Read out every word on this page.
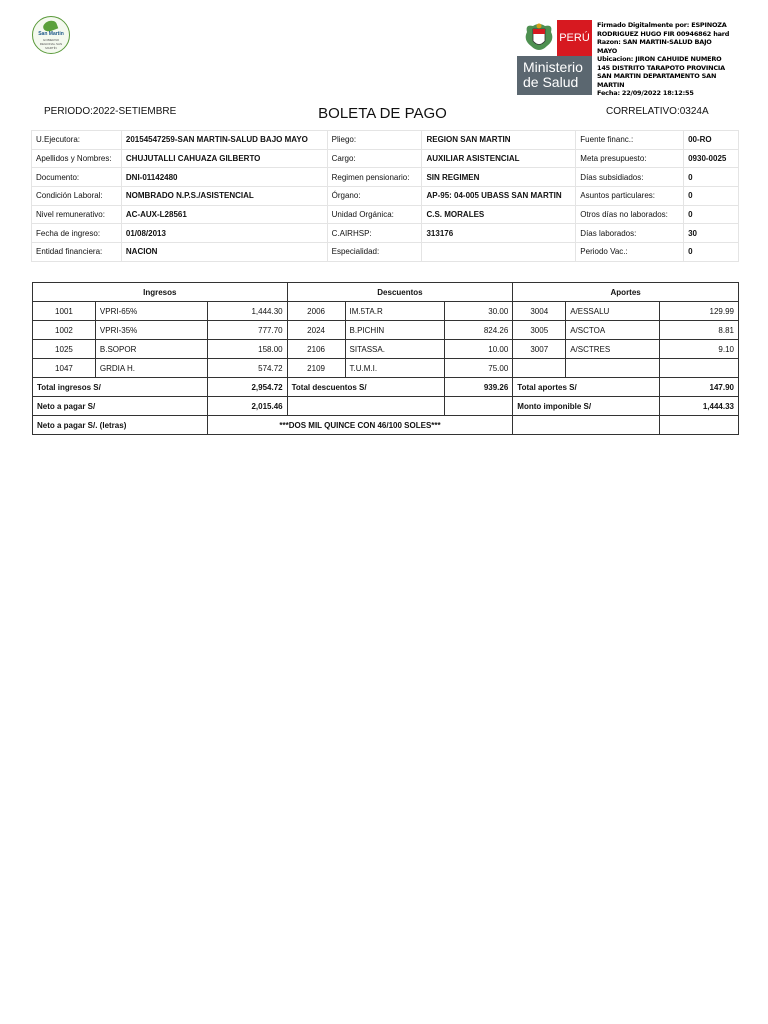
San Martin
GOBIERNO REGIONAL SAN MARTÍN
PERÚ
Ministerio
de Salud
Firmado Digitalmente por: ESPINOZA
RODRIGUEZ HUGO FIR 00946862 hard
Razon: SAN MARTIN-SALUD BAJO
MAYO
Ubicacion: JIRON CAHUIDE NUMERO
145 DISTRITO TARAPOTO PROVINCIA
SAN MARTIN DEPARTAMENTO SAN
MARTIN
Fecha: 22/09/2022 18:12:55
PERIODO:2022-SETIEMBRE	BOLETA DE PAGO	CORRELATIVO:0324A
U.Ejecutora:	20154547259-SAN MARTIN-SALUD BAJO MAYO	Pliego:	REGION SAN MARTIN	Fuente financ.:	00-RO
Apellidos y Nombres:	CHUJUTALLI CAHUAZA GILBERTO	Cargo:	AUXILIAR ASISTENCIAL	Meta presupuesto:	0930-0025
Documento:	DNI-01142480	Regimen pensionario:	SIN REGIMEN	Días subsidiados:	0
Condición Laboral:	NOMBRADO N.P.S./ASISTENCIAL	Órgano:	AP-95: 04-005 UBASS SAN MARTIN	Asuntos particulares:	0
Nivel remunerativo:	AC-AUX-L28561	Unidad Orgánica:	C.S. MORALES	Otros días no laborados:	0
Fecha de ingreso:	01/08/2013	C.AIRHSP:	313176	Días laborados:	30
Entidad financiera:	NACION	Especialidad:		Periodo Vac.:	0
Ingresos			Descuentos			Aportes		
1001	VPRI-65%	1,444.30	2006	IM.5TA.R	30.00	3004	A/ESSALU	129.99
1002	VPRI-35%	777.70	2024	B.PICHIN	824.26	3005	A/SCTOA	8.81
1025	B.SOPOR	158.00	2106	SITASSA.	10.00	3007	A/SCTRES	9.10
1047	GRDIA H.	574.72	2109	T.U.M.I.	75.00			
Total ingresos S/		2,954.72	Total descuentos S/		939.26	Total aportes S/		147.90
Neto a pagar S/		2,015.46				Monto imponible S/		1,444.33
Neto a pagar S/. (letras)		***DOS MIL QUINCE CON 46/100 SOLES***						
